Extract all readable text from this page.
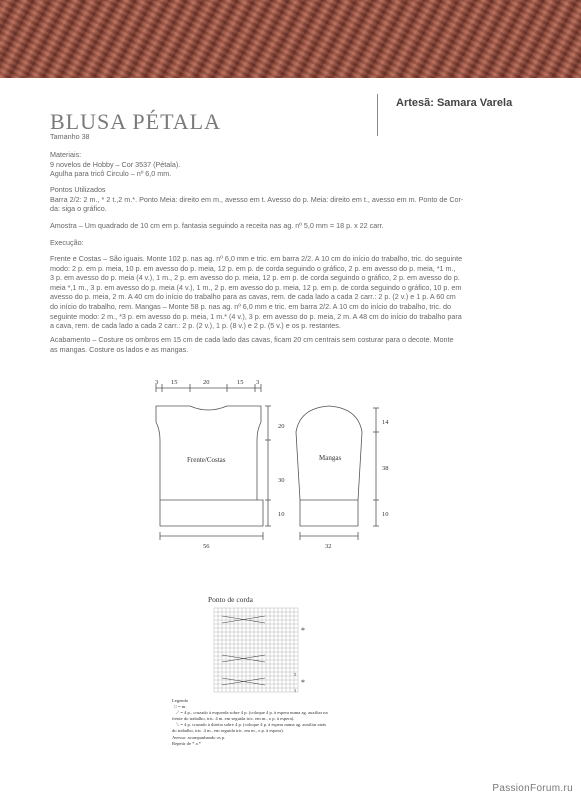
BLUSA PÉTALA
Artesã: Samara Varela

Tamanho 38

Materiais:

9 novelos de Hobby – Cor 3537 (Pétala).

Agulha para tricô Circulo – nº 6,0 mm.

Pontos Utilizados

Barra 2/2: 2 m., * 2 t.,2 m.*. Ponto Meia: direito em m., avesso em t. Avesso do p. Meia: direito em t., avesso em m. Ponto de Cor-

da: siga o gráfico.

Amostra – Um quadrado de 10 cm em p. fantasia seguindo a receita nas ag. nº 5,0 mm = 18 p. x 22 carr.

Execução:

Frente e Costas – São iguais. Monte 102 p. nas ag. nº 6,0 mm e tric. em barra 2/2. A 10 cm do início do trabalho, tric. do seguinte

modo: 2 p. em p. meia, 10 p. em avesso do p. meia, 12 p. em p. de corda seguindo o gráfico, 2 p. em avesso do p. meia, *1 m.,

3 p. em avesso do p. meia (4 v.), 1 m., 2 p. em avesso do p. meia, 12 p. em p. de corda seguindo o gráfico, 2 p. em avesso do p.

meia *,1 m., 3 p. em avesso do p. meia (4 v.), 1 m., 2 p. em avesso do p. meia, 12 p. em p. de corda seguindo o gráfico, 10 p. em

avesso do p. meia, 2 m. A 40 cm do início do trabalho para as cavas, rem. de cada lado a cada 2 carr.: 2 p. (2 v.) e 1 p. A 60 cm

do início do trabalho, rem. Mangas – Monte 58 p. nas ag. nº 6,0 mm e tric. em barra 2/2. A 10 cm do início do trabalho, tric. do

seguinte modo: 2 m., *3 p. em avesso do p. meia, 1 m.* (4 v.), 3 p. em avesso do p. meia, 2 m. A 48 cm do início do trabalho para

a cava, rem. de cada lado a cada 2 carr.: 2 p. (2 v.), 1 p. (8 v.) e 2 p. (5 v.) e os p. restantes.

Acabamento – Costure os ombros em 15 cm de cada lado das cavas, ficam 20 cm centrais sem costurar para o decote. Monte

as mangas. Costure os lados e as mangas.

3 15	20	15 3
Frente/Costas
20
30
10
56
Mangas
14
38
10
32
Ponto de corda
*
*
5
1
Legenda
□ = m.
⟋ = 4 p., cruzado à esquerda sobre 4 p. (coloque 4 p. à espera numa ag. auxiliar na
frente do trabalho, tric. 4 m. em seguida tric. em m., o p. à espera).
⟍ = 4 p. cruzado à direita sobre 4 p. (coloque 4 p. à espera numa ag. auxiliar atrás
do trabalho, tric. 4 m., em seguida tric. em m., o p. à espera).
Avesso: acompanhando os p.
Repetir de * a *
PassionForum.ru
